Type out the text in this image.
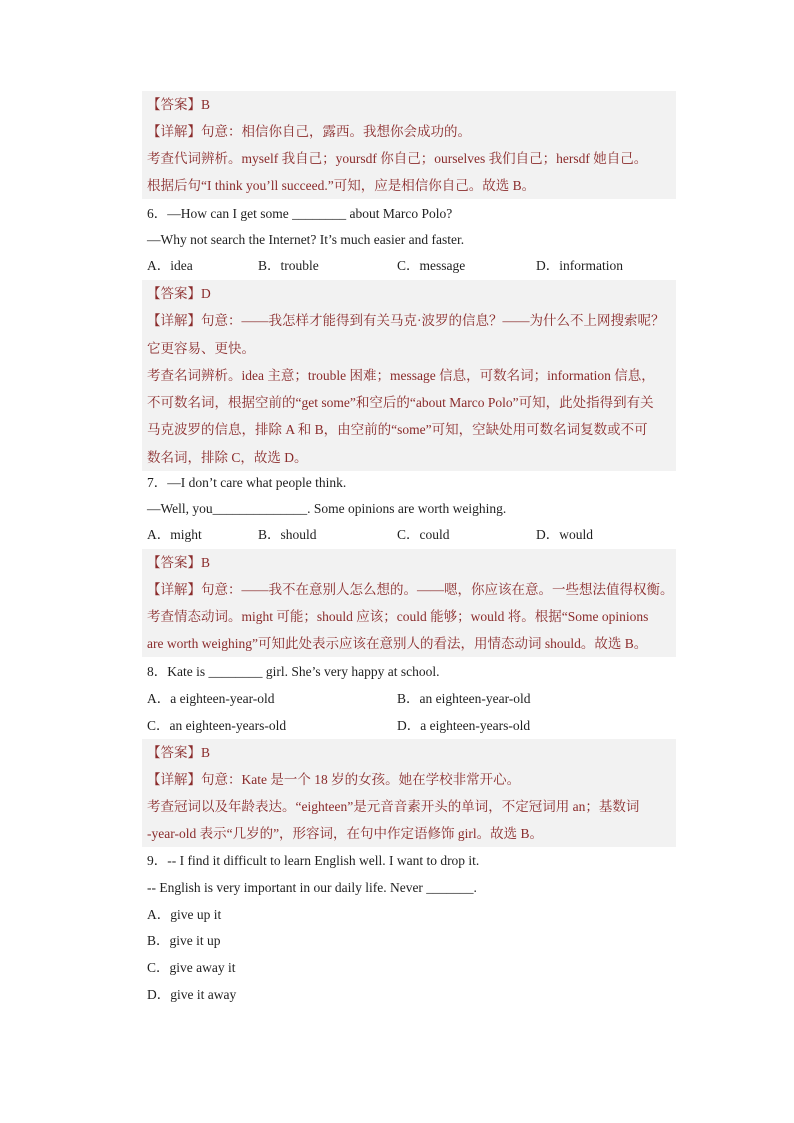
【答案】B
【详解】句意：相信你自己，露西。我想你会成功的。
考查代词辨析。myself 我自己；yoursdf 你自己；ourselves 我们自己；hersdf 她自己。
根据后句“I think you’ll succeed.”可知，应是相信你自己。故选 B。
6．—How can I get some ________ about Marco Polo?
—Why not search the Internet? It’s much easier and faster.
A．idea	B．trouble	C．message	D．information
【答案】D
【详解】句意：——我怎样才能得到有关马克·波罗的信息？——为什么不上网搜索呢？
它更容易、更快。
考查名词辨析。idea 主意；trouble 困难；message 信息，可数名词；information 信息，
不可数名词，根据空前的“get some”和空后的“about Marco Polo”可知，此处指得到有关
马克波罗的信息，排除 A 和 B，由空前的“some”可知，空缺处用可数名词复数或不可
数名词，排除 C，故选 D。
7．—I don’t care what people think.
—Well, you______________. Some opinions are worth weighing.
A．might	B．should	C．could	D．would
【答案】B
【详解】句意：——我不在意别人怎么想的。——嗯，你应该在意。一些想法值得权衡。
考查情态动词。might 可能；should 应该；could 能够；would 将。根据“Some opinions
are worth weighing”可知此处表示应该在意别人的看法，用情态动词 should。故选 B。
8．Kate is ________ girl. She’s very happy at school.
A．a eighteen-year-old	B．an eighteen-year-old
C．an eighteen-years-old	D．a eighteen-years-old
【答案】B
【详解】句意：Kate 是一个 18 岁的女孩。她在学校非常开心。
考查冠词以及年龄表达。“eighteen”是元音音素开头的单词，不定冠词用 an；基数词
-year-old 表示“几岁的”，形容词，在句中作定语修饰 girl。故选 B。
9．-- I find it difficult to learn English well. I want to drop it.
-- English is very important in our daily life. Never _______.
A．give up it
B．give it up
C．give away it
D．give it away
